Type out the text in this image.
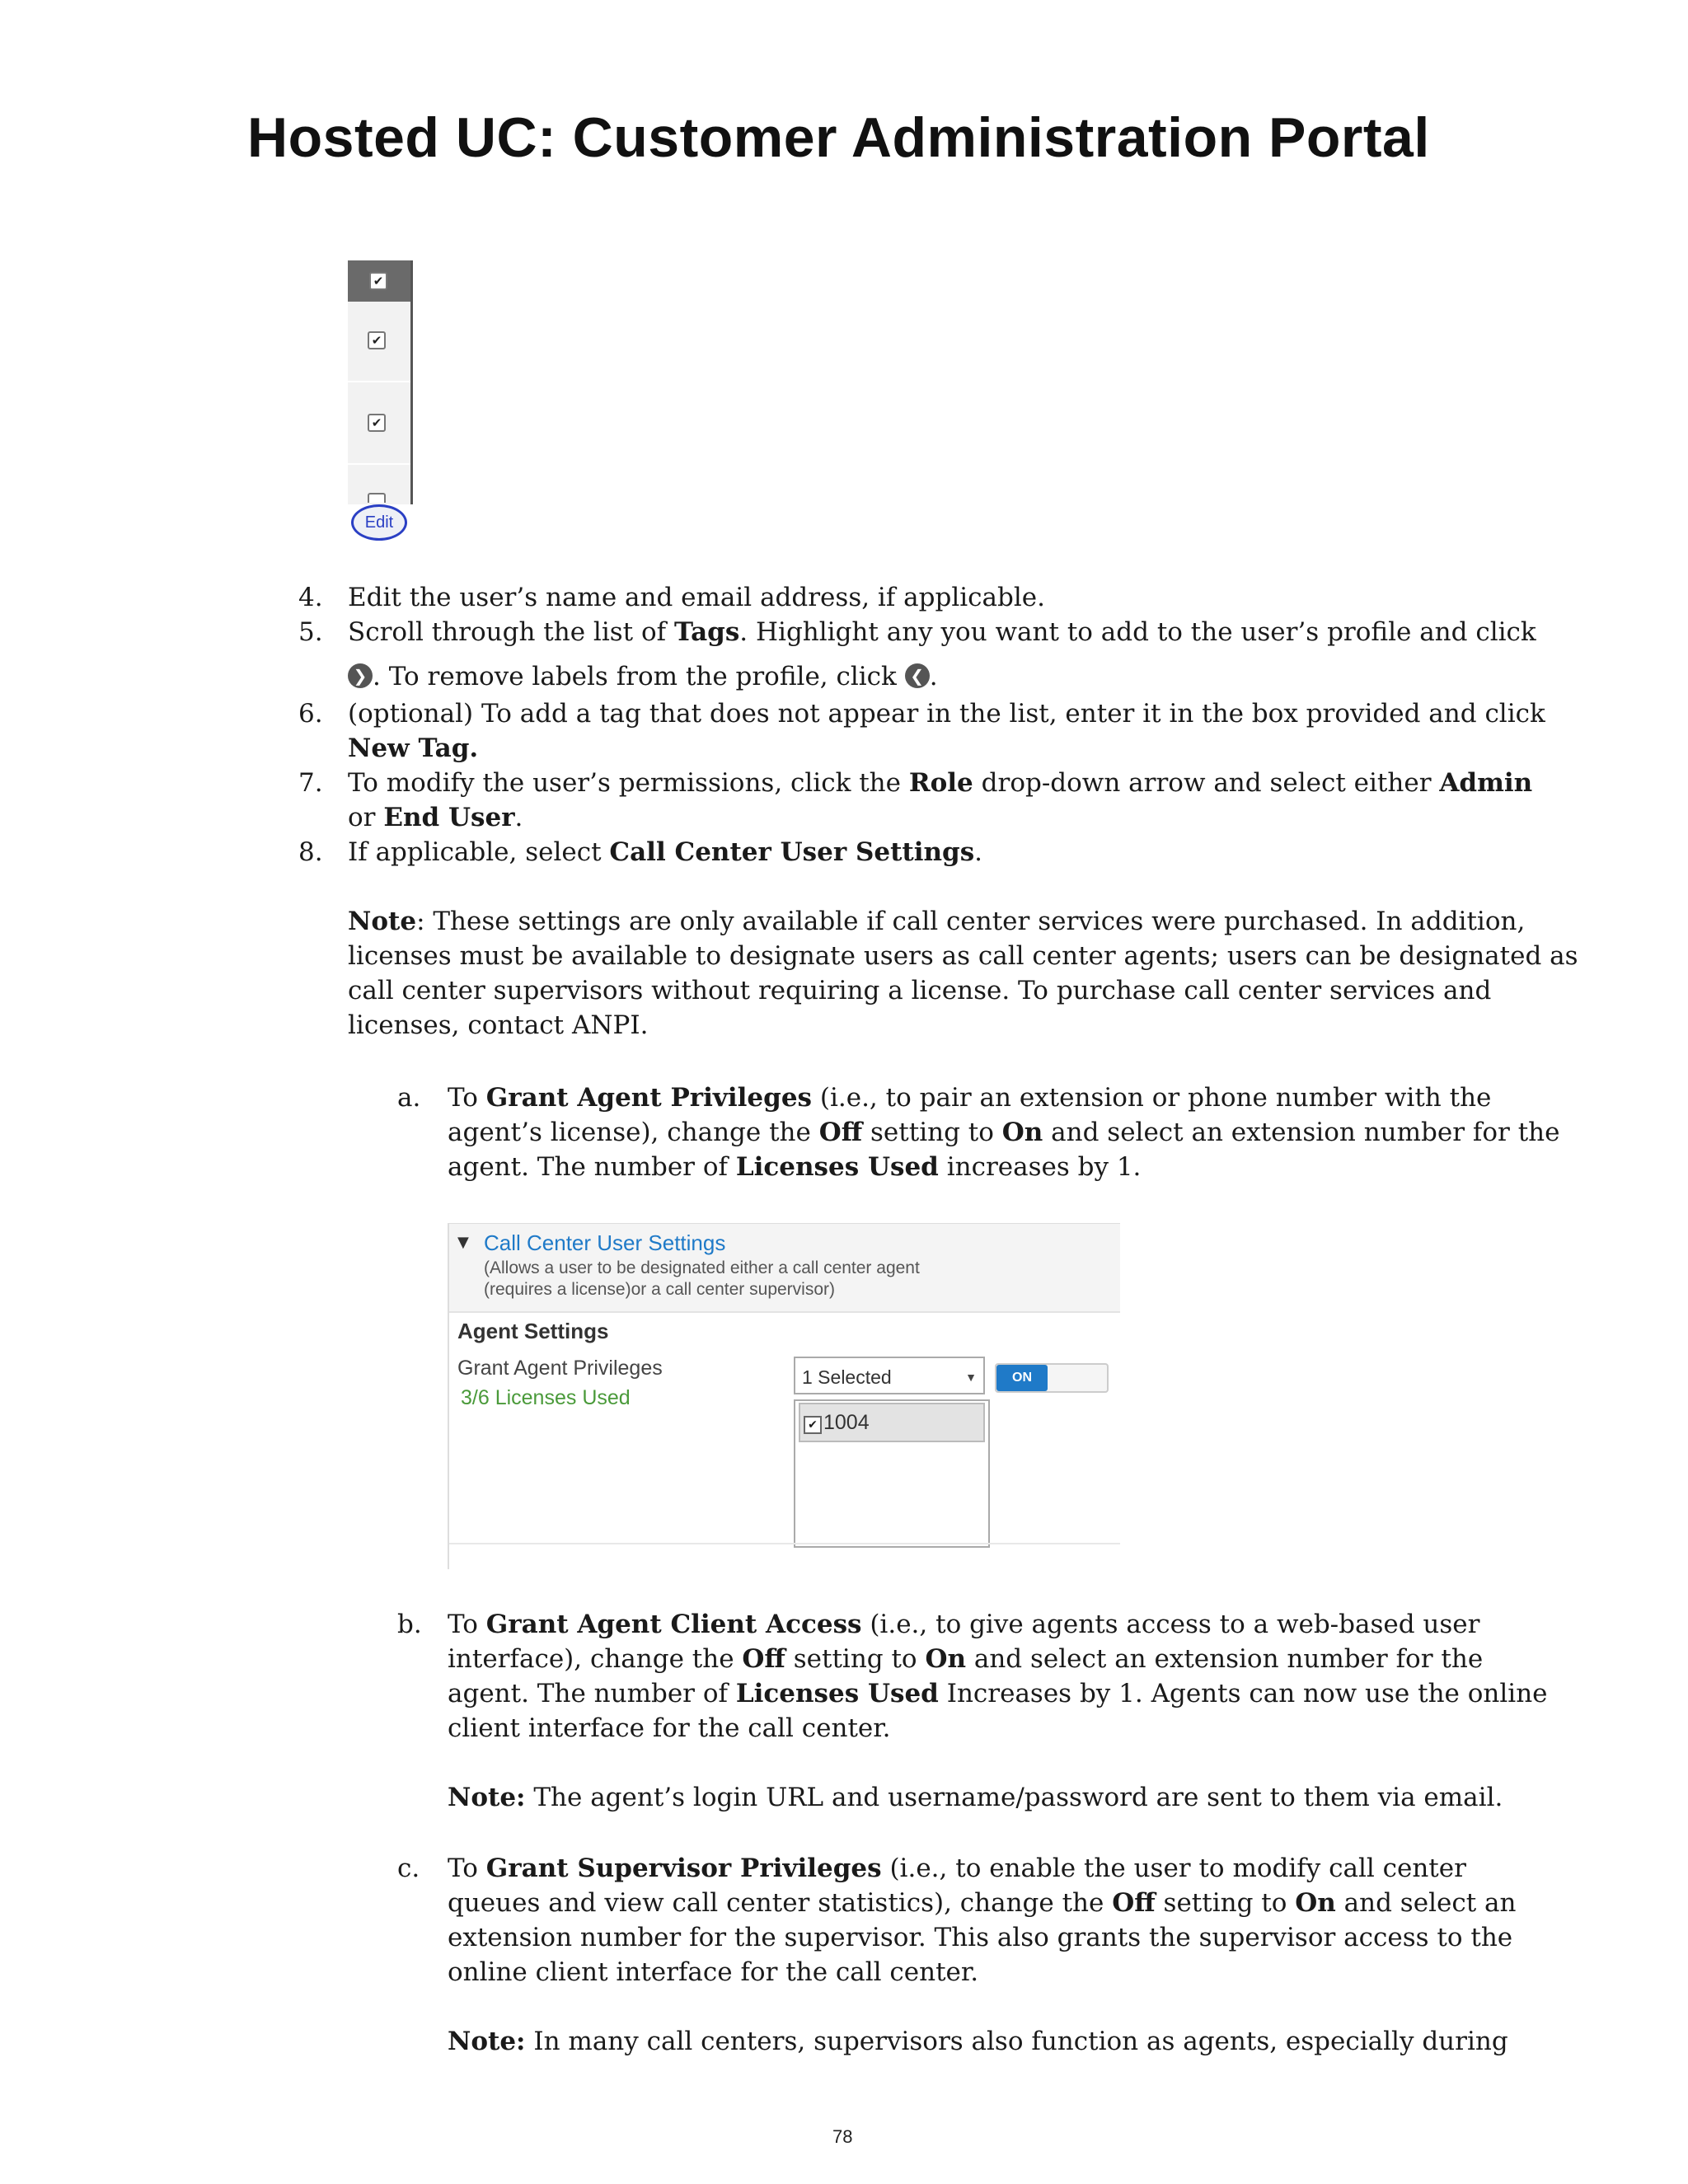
Hosted UC: Customer Administration Portal
✔
✔
✔
Edit
4. Edit the user’s name and email address, if applicable.
5. Scroll through the list of Tags. Highlight any you want to add to the user’s profile and click
❯ . To remove labels from the profile, click ❮ .
6. (optional) To add a tag that does not appear in the list, enter it in the box provided and click
New Tag.
7. To modify the user’s permissions, click the Role drop-down arrow and select either Admin
or End User.
8. If applicable, select Call Center User Settings.
Note: These settings are only available if call center services were purchased. In addition,
licenses must be available to designate users as call center agents; users can be designated as
call center supervisors without requiring a license. To purchase call center services and
licenses, contact ANPI.
a. To Grant Agent Privileges (i.e., to pair an extension or phone number with the
agent’s license), change the Off setting to On and select an extension number for the
agent. The number of Licenses Used increases by 1.
▼ Call Center User Settings
(Allows a user to be designated either a call center agent
(requires a license)or a call center supervisor)
Agent Settings
Grant Agent Privileges
3/6 Licenses Used
1 Selected	▼	ON
✔ 1004
b. To Grant Agent Client Access (i.e., to give agents access to a web-based user
interface), change the Off setting to On and select an extension number for the
agent. The number of Licenses Used Increases by 1. Agents can now use the online
client interface for the call center.
Note: The agent’s login URL and username/password are sent to them via email.
c. To Grant Supervisor Privileges (i.e., to enable the user to modify call center
queues and view call center statistics), change the Off setting to On and select an
extension number for the supervisor. This also grants the supervisor access to the
online client interface for the call center.
Note: In many call centers, supervisors also function as agents, especially during
78
